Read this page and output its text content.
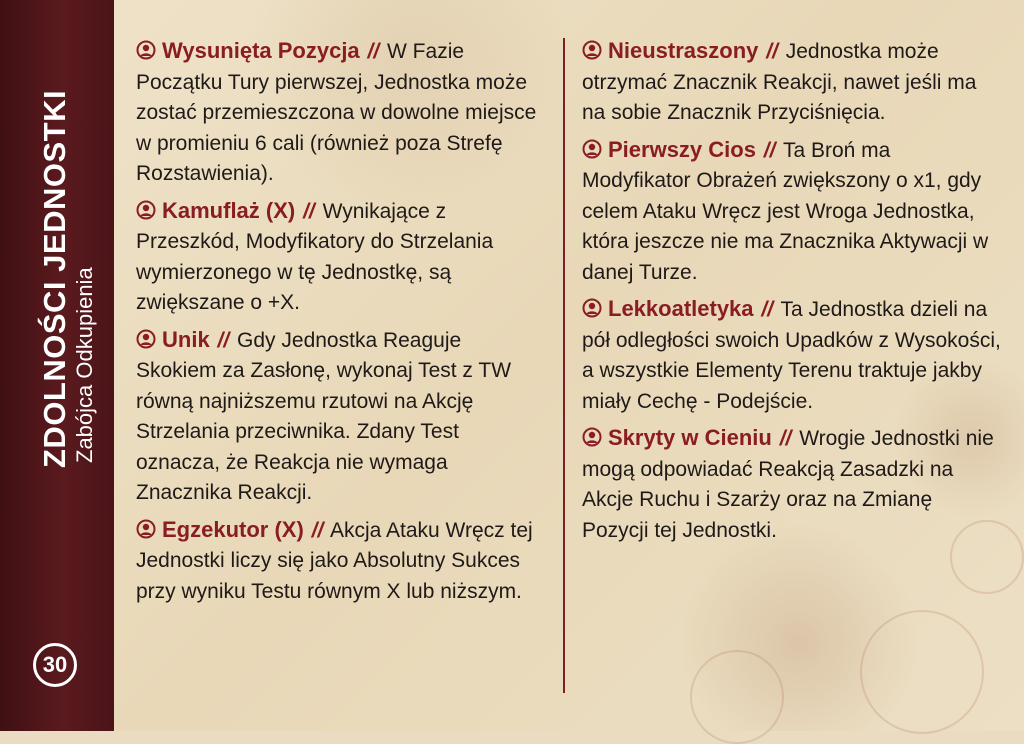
ZDOLNOŚCI JEDNOSTKI Zabójca Odkupienia
30
Wysunięta Pozycja // W Fazie Początku Tury pierwszej, Jednostka może zostać przemieszczona w dowolne miejsce w promieniu 6 cali (również poza Strefę Rozstawienia).
Kamuflaż (X) // Wynikające z Przeszkód, Modyfikatory do Strzelania wymierzonego w tę Jednostkę, są zwiększane o +X.
Unik // Gdy Jednostka Reaguje Skokiem za Zasłonę, wykonaj Test z TW równą najniższemu rzutowi na Akcję Strzelania przeciwnika. Zdany Test oznacza, że Reakcja nie wymaga Znacznika Reakcji.
Egzekutor (X) // Akcja Ataku Wręcz tej Jednostki liczy się jako Absolutny Sukces przy wyniku Testu równym X lub niższym.
Nieustraszony // Jednostka może otrzymać Znacznik Reakcji, nawet jeśli ma na sobie Znacznik Przyciśnięcia.
Pierwszy Cios // Ta Broń ma Modyfikator Obrażeń zwiększony o x1, gdy celem Ataku Wręcz jest Wroga Jednostka, która jeszcze nie ma Znacznika Aktywacji w danej Turze.
Lekkoatletyka // Ta Jednostka dzieli na pół odległości swoich Upadków z Wysokości, a wszystkie Elementy Terenu traktuje jakby miały Cechę - Podejście.
Skryty w Cieniu // Wrogie Jednostki nie mogą odpowiadać Reakcją Zasadzki na Akcje Ruchu i Szarży oraz na Zmianę Pozycji tej Jednostki.
